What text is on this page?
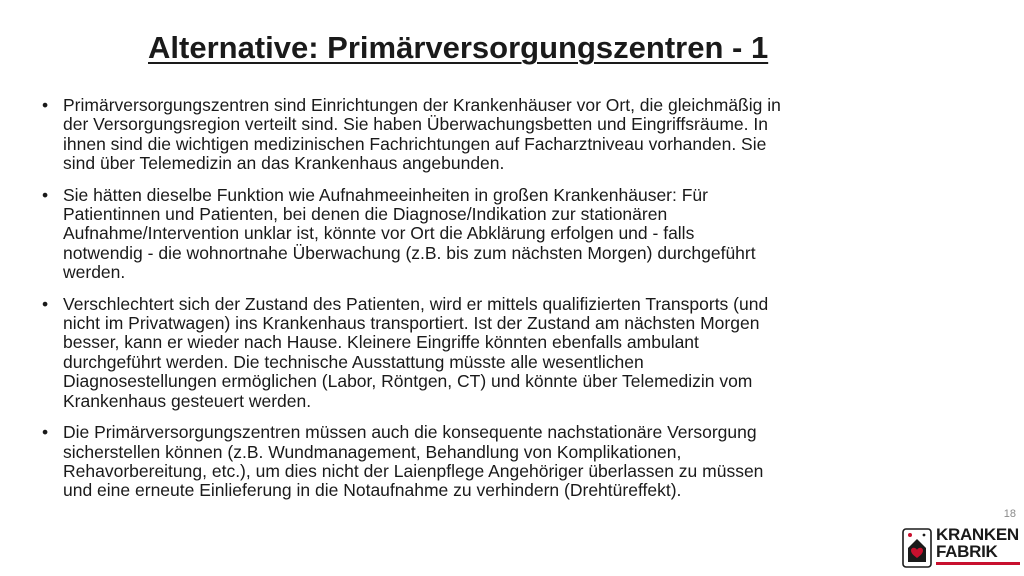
Alternative: Primärversorgungszentren - 1
• Primärversorgungszentren sind Einrichtungen der Krankenhäuser vor Ort, die gleichmäßig in
der Versorgungsregion verteilt sind. Sie haben Überwachungsbetten und Eingriffsräume. In
ihnen sind die wichtigen medizinischen Fachrichtungen auf Facharztniveau vorhanden. Sie
sind über Telemedizin an das Krankenhaus angebunden.
• Sie hätten dieselbe Funktion wie Aufnahmeeinheiten in großen Krankenhäuser: Für
Patientinnen und Patienten, bei denen die Diagnose/Indikation zur stationären
Aufnahme/Intervention unklar ist, könnte vor Ort die Abklärung erfolgen und - falls
notwendig - die wohnortnahe Überwachung (z.B. bis zum nächsten Morgen) durchgeführt
werden.
• Verschlechtert sich der Zustand des Patienten, wird er mittels qualifizierten Transports (und
nicht im Privatwagen) ins Krankenhaus transportiert. Ist der Zustand am nächsten Morgen
besser, kann er wieder nach Hause. Kleinere Eingriffe könnten ebenfalls ambulant
durchgeführt werden. Die technische Ausstattung müsste alle wesentlichen
Diagnosestellungen ermöglichen (Labor, Röntgen, CT) und könnte über Telemedizin vom
Krankenhaus gesteuert werden.
• Die Primärversorgungszentren müssen auch die konsequente nachstationäre Versorgung
sicherstellen können (z.B. Wundmanagement, Behandlung von Komplikationen,
Rehavorbereitung, etc.), um dies nicht der Laienpflege Angehöriger überlassen zu müssen
und eine erneute Einlieferung in die Notaufnahme zu verhindern (Drehtüreffekt).
18
KRANKEN
FABRIK
